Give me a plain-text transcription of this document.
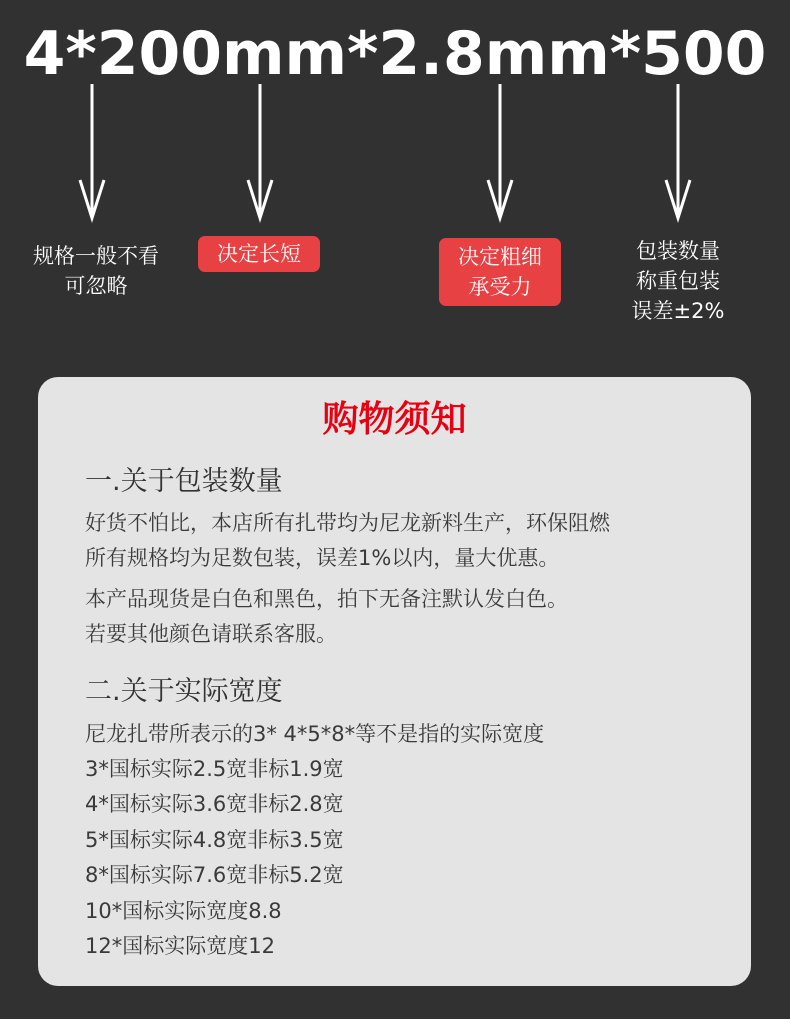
4*200mm*2.8mm*500
规格一般不看
可忽略
决定长短	决定粗细
承受力
包装数量
称重包装
误差±2%
购物须知
一.关于包装数量
好货不怕比，本店所有扎带均为尼龙新料生产，环保阻燃
所有规格均为足数包装，误差1%以内，量大优惠。
本产品现货是白色和黑色，拍下无备注默认发白色。
若要其他颜色请联系客服。
二.关于实际宽度
尼龙扎带所表示的3* 4*5*8*等不是指的实际宽度
3*国标实际2.5宽非标1.9宽
4*国标实际3.6宽非标2.8宽
5*国标实际4.8宽非标3.5宽
8*国标实际7.6宽非标5.2宽
10*国标实际宽度8.8
12*国标实际宽度12
